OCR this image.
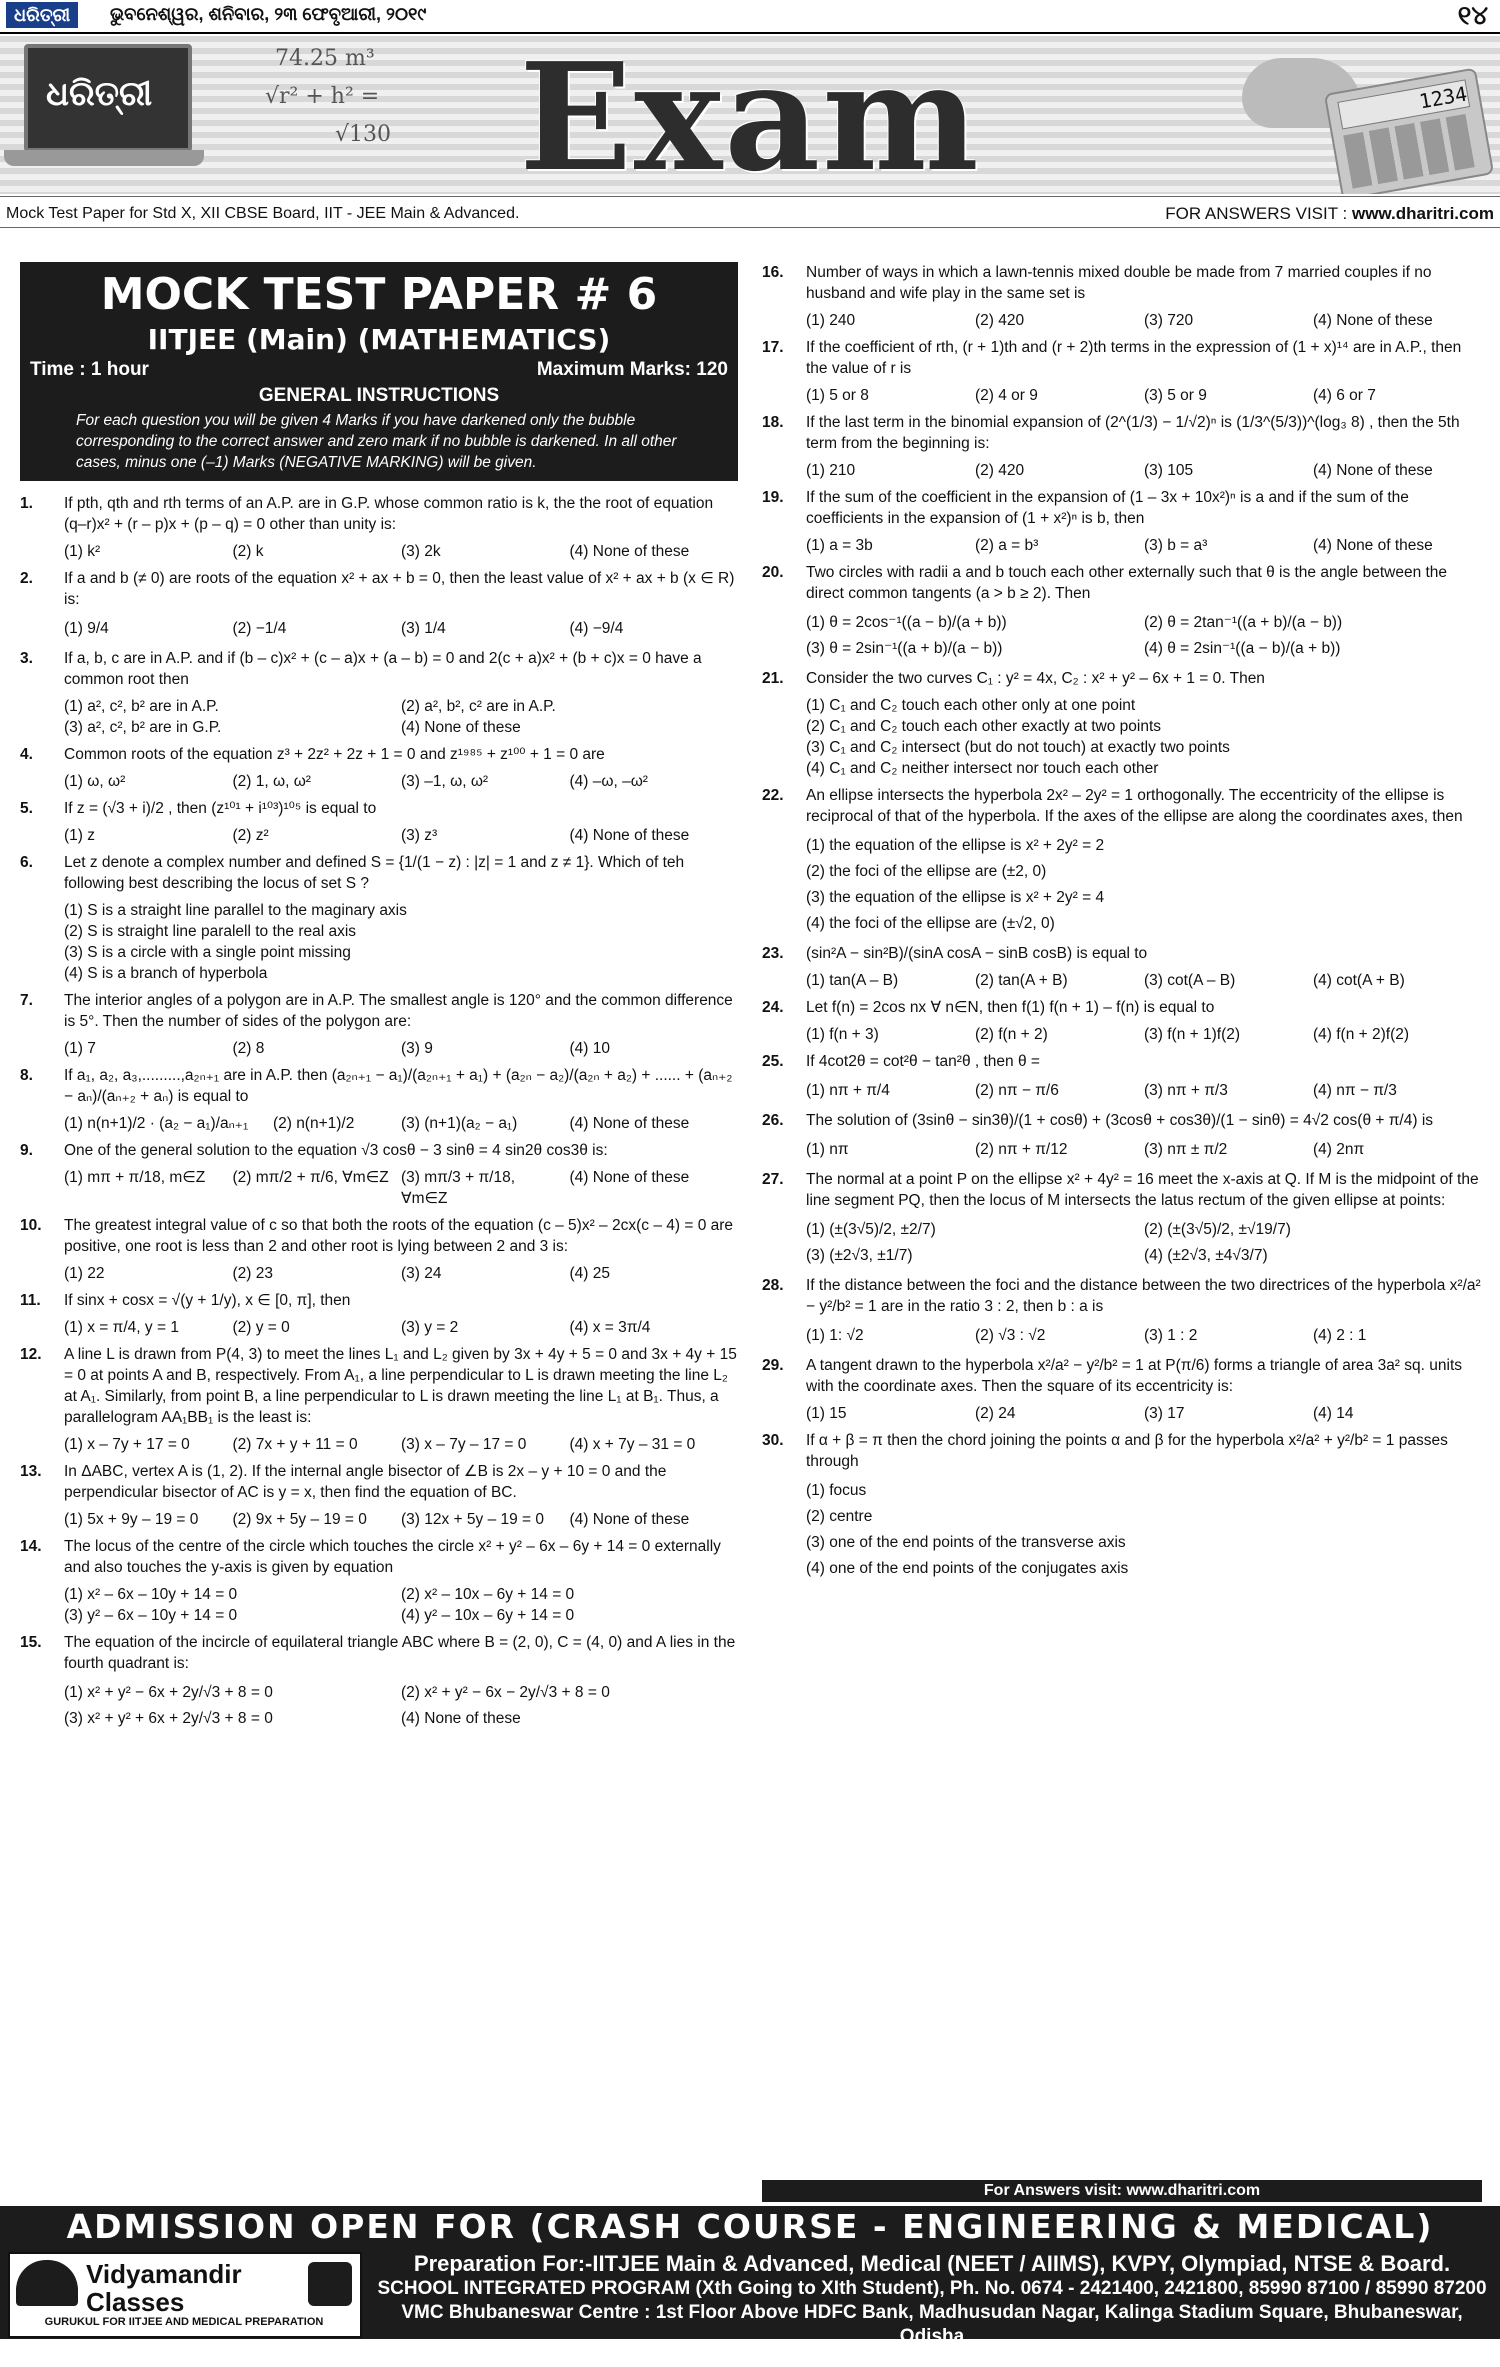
ଧରିତ୍ରୀ	ଭୁବନେଶ୍ୱର, ଶନିବାର, ୨୩ ଫେବୃଆରୀ, ୨୦୧୯	୧୪
ଧରିତ୍ରୀ
74.25 m³
√r² + h² =
√130 Exam	1234
Mock Test Paper for Std X, XII CBSE Board, IIT - JEE Main & Advanced.	FOR ANSWERS VISIT : www.dharitri.com
MOCK TEST PAPER # 6
IITJEE (Main) (MATHEMATICS)
Time : 1 hour	Maximum Marks: 120
GENERAL INSTRUCTIONS
For each question you will be given 4 Marks if you have darkened only the bubble corresponding to the correct answer and zero mark if no bubble is darkened. In all other cases, minus one (–1) Marks (NEGATIVE MARKING) will be given.
1. If pth, qth and rth terms of an A.P. are in G.P. whose common ratio is k, the the root of equation (q–r)x² + (r – p)x + (p – q) = 0 other than unity is:
(1) k²	(2) k	(3) 2k	(4) None of these
2. If a and b (≠ 0) are roots of the equation x² + ax + b = 0, then the least value of x² + ax + b (x ∈ R) is:
(1) 9/4	(2) −1/4	(3) 1/4	(4) −9/4
3. If a, b, c are in A.P. and if (b – c)x² + (c – a)x + (a – b) = 0 and 2(c + a)x² + (b + c)x = 0 have a common root then
(1) a², c², b² are in A.P.	(2) a², b², c² are in A.P.
(3) a², c², b² are in G.P.	(4) None of these
4. Common roots of the equation z³ + 2z² + 2z + 1 = 0 and z¹⁹⁸⁵ + z¹⁰⁰ + 1 = 0 are
(1) ω, ω²	(2) 1, ω, ω²	(3) –1, ω, ω²	(4) –ω, –ω²
5. If z = (√3 + i)/2 , then (z¹⁰¹ + i¹⁰³)¹⁰⁵ is equal to
(1) z	(2) z²	(3) z³	(4) None of these
6. Let z denote a complex number and defined S = {1/(1 − z) : |z| = 1 and z ≠ 1}. Which of teh following best describing the locus of set S ?
(1) S is a straight line parallel to the maginary axis
(2) S is straight line paralell to the real axis
(3) S is a circle with a single point missing
(4) S is a branch of hyperbola
7. The interior angles of a polygon are in A.P. The smallest angle is 120° and the common difference is 5°. Then the number of sides of the polygon are:
(1) 7	(2) 8	(3) 9	(4) 10
8. If a₁, a₂, a₃,.........,a₂ₙ₊₁ are in A.P. then (a₂ₙ₊₁ − a₁)/(a₂ₙ₊₁ + a₁) + (a₂ₙ − a₂)/(a₂ₙ + a₂) + ...... + (aₙ₊₂ − aₙ)/(aₙ₊₂ + aₙ) is equal to
(1) n(n+1)/2 · (a₂ − a₁)/aₙ₊₁	(2) n(n+1)/2	(3) (n+1)(a₂ − a₁)	(4) None of these
9. One of the general solution to the equation √3 cosθ − 3 sinθ = 4 sin2θ cos3θ is:
(1) mπ + π/18, m∈Z	(2) mπ/2 + π/6, ∀m∈Z (3) mπ/3 + π/18, ∀m∈Z
(4) None of these
10. The greatest integral value of c so that both the roots of the equation (c – 5)x² – 2cx(c – 4) = 0 are positive, one root is less than 2 and other root is lying between 2 and 3 is:
(1) 22	(2) 23	(3) 24	(4) 25
11. If sinx + cosx = √(y + 1/y), x ∈ [0, π], then
(1) x = π/4, y = 1	(2) y = 0	(3) y = 2	(4) x = 3π/4
12. A line L is drawn from P(4, 3) to meet the lines L₁ and L₂ given by 3x + 4y + 5 = 0 and 3x + 4y + 15 = 0 at points A and B, respectively. From A₁, a line perpendicular to L is drawn meeting the line L₂ at A₁. Similarly, from point B, a line perpendicular to L is drawn meeting the line L₁ at B₁. Thus, a parallelogram AA₁BB₁ is the least is:
(1) x – 7y + 17 = 0	(2) 7x + y + 11 = 0	(3) x – 7y – 17 = 0	(4) x + 7y – 31 = 0
13. In ΔABC, vertex A is (1, 2). If the internal angle bisector of ∠B is 2x – y + 10 = 0 and the perpendicular bisector of AC is y = x, then find the equation of BC.
(1) 5x + 9y – 19 = 0	(2) 9x + 5y – 19 = 0	(3) 12x + 5y – 19 = 0	(4) None of these
14. The locus of the centre of the circle which touches the circle x² + y² – 6x – 6y + 14 = 0 externally and also touches the y-axis is given by equation
(1) x² – 6x – 10y + 14 = 0	(2) x² – 10x – 6y + 14 = 0
(3) y² – 6x – 10y + 14 = 0	(4) y² – 10x – 6y + 14 = 0
15. The equation of the incircle of equilateral triangle ABC where B = (2, 0), C = (4, 0) and A lies in the fourth quadrant is:
(1) x² + y² − 6x + 2y/√3 + 8 = 0	(2) x² + y² − 6x − 2y/√3 + 8 = 0
(3) x² + y² + 6x + 2y/√3 + 8 = 0	(4) None of these
16. Number of ways in which a lawn-tennis mixed double be made from 7 married couples if no husband and wife play in the same set is
(1) 240	(2) 420	(3) 720	(4) None of these
17. If the coefficient of rth, (r + 1)th and (r + 2)th terms in the expression of (1 + x)¹⁴ are in A.P., then the value of r is
(1) 5 or 8	(2) 4 or 9	(3) 5 or 9	(4) 6 or 7
18. If the last term in the binomial expansion of (2^(1/3) − 1/√2)ⁿ is (1/3^(5/3))^(log₃ 8) , then the 5th term from the beginning is:
(1) 210	(2) 420	(3) 105	(4) None of these
19. If the sum of the coefficient in the expansion of (1 – 3x + 10x²)ⁿ is a and if the sum of the coefficients in the expansion of (1 + x²)ⁿ is b, then
(1) a = 3b	(2) a = b³	(3) b = a³	(4) None of these
20. Two circles with radii a and b touch each other externally such that θ is the angle between the direct common tangents (a > b ≥ 2). Then
(1) θ = 2cos⁻¹((a − b)/(a + b))	(2) θ = 2tan⁻¹((a + b)/(a − b))
(3) θ = 2sin⁻¹((a + b)/(a − b))	(4) θ = 2sin⁻¹((a − b)/(a + b))
21. Consider the two curves C₁ : y² = 4x, C₂ : x² + y² – 6x + 1 = 0. Then
(1) C₁ and C₂ touch each other only at one point
(2) C₁ and C₂ touch each other exactly at two points
(3) C₁ and C₂ intersect (but do not touch) at exactly two points
(4) C₁ and C₂ neither intersect nor touch each other
22. An ellipse intersects the hyperbola 2x² – 2y² = 1 orthogonally. The eccentricity of the ellipse is reciprocal of that of the hyperbola. If the axes of the ellipse are along the coordinates axes, then
(1) the equation of the ellipse is x² + 2y² = 2
(2) the foci of the ellipse are (±2, 0)
(3) the equation of the ellipse is x² + 2y² = 4
(4) the foci of the ellipse are (±√2, 0)
23. (sin²A − sin²B)/(sinA cosA − sinB cosB) is equal to
(1) tan(A – B)	(2) tan(A + B)	(3) cot(A – B)	(4) cot(A + B)
24. Let f(n) = 2cos nx ∀ n∈N, then f(1) f(n + 1) – f(n) is equal to
(1) f(n + 3)	(2) f(n + 2)	(3) f(n + 1)f(2)	(4) f(n + 2)f(2)
25. If 4cot2θ = cot²θ − tan²θ , then θ =
(1) nπ + π/4	(2) nπ − π/6	(3) nπ + π/3	(4) nπ − π/3
26. The solution of (3sinθ − sin3θ)/(1 + cosθ) + (3cosθ + cos3θ)/(1 − sinθ) = 4√2 cos(θ + π/4) is
(1) nπ	(2) nπ + π/12	(3) nπ ± π/2	(4) 2nπ
27. The normal at a point P on the ellipse x² + 4y² = 16 meet the x-axis at Q. If M is the midpoint of the line segment PQ, then the locus of M intersects the latus rectum of the given ellipse at points:
(1) (±(3√5)/2, ±2/7)	(2) (±(3√5)/2, ±√19/7)
(3) (±2√3, ±1/7)	(4) (±2√3, ±4√3/7)
28. If the distance between the foci and the distance between the two directrices of the hyperbola x²/a² − y²/b² = 1 are in the ratio 3 : 2, then b : a is
(1) 1: √2	(2) √3 : √2	(3) 1 : 2	(4) 2 : 1
29. A tangent drawn to the hyperbola x²/a² − y²/b² = 1 at P(π/6) forms a triangle of area 3a² sq. units with the coordinate axes. Then the square of its eccentricity is:
(1) 15	(2) 24	(3) 17	(4) 14
30. If α + β = π then the chord joining the points α and β for the hyperbola x²/a² + y²/b² = 1 passes through
(1) focus
(2) centre
(3) one of the end points of the transverse axis
(4) one of the end points of the conjugates axis
For Answers visit: www.dharitri.com
ADMISSION OPEN FOR (CRASH COURSE - ENGINEERING & MEDICAL)
Vidyamandir
Classes
GURUKUL FOR IITJEE AND MEDICAL PREPARATION
Preparation For:-IITJEE Main & Advanced, Medical (NEET / AIIMS), KVPY, Olympiad, NTSE & Board.
SCHOOL INTEGRATED PROGRAM (Xth Going to XIth Student), Ph. No. 0674 - 2421400, 2421800, 85990 87100 / 85990 87200
VMC Bhubaneswar Centre : 1st Floor Above HDFC Bank, Madhusudan Nagar, Kalinga Stadium Square, Bhubaneswar, Odisha
Corporate Office: Vidyamandir Classes, Aggrawal Corporate Heights, 3rd Floor, Plot No. A-7 Netaji Subhash Place, Opposite Wazirpur Depot, Pitampura, Delhi, www.vidyamandir.com
